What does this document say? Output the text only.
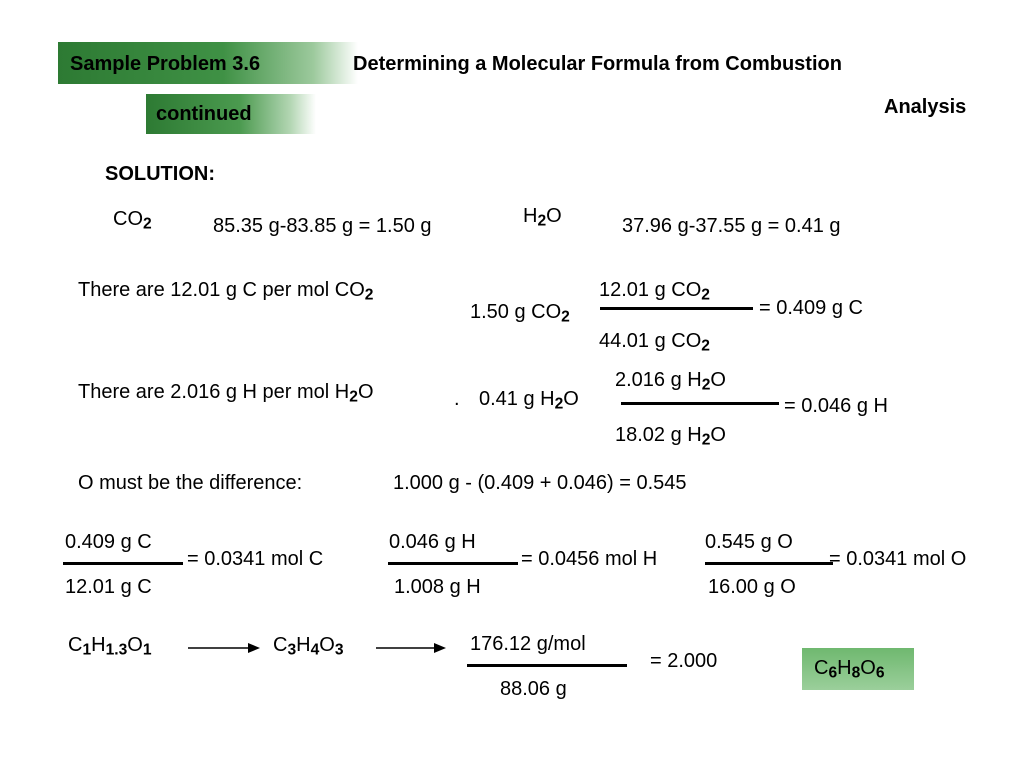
Sample Problem 3.6	Determining a Molecular Formula from Combustion
Analysis
continued
SOLUTION:
$CO_2$	85.35 g-83.85 g = 1.50 g	$H_2O$	37.96 g-37.55 g = 0.41 g
There are 12.01 g C per mol $CO_2$
1.50 g $CO_2$
12.01 g $CO_2$
44.01 g $CO_2$
= 0.409 g C
There are 2.016 g H per mol $H_2O$	. 0.41 g $H_2O$
2.016 g $H_2O$
18.02 g $H_2O$
= 0.046 g H
O must be the difference:	1.000 g - (0.409 + 0.046) = 0.545
0.409 g C
12.01 g C
= 0.0341 mol C
0.046 g H
1.008 g H
= 0.0456 mol H
0.545 g O
16.00 g O
= 0.0341 mol O
$C_1H_{1.3}O_1$	$C_3H_4O_3$	176.12 g/mol
88.06 g
= 2.000	$C_6H_8O_6$
